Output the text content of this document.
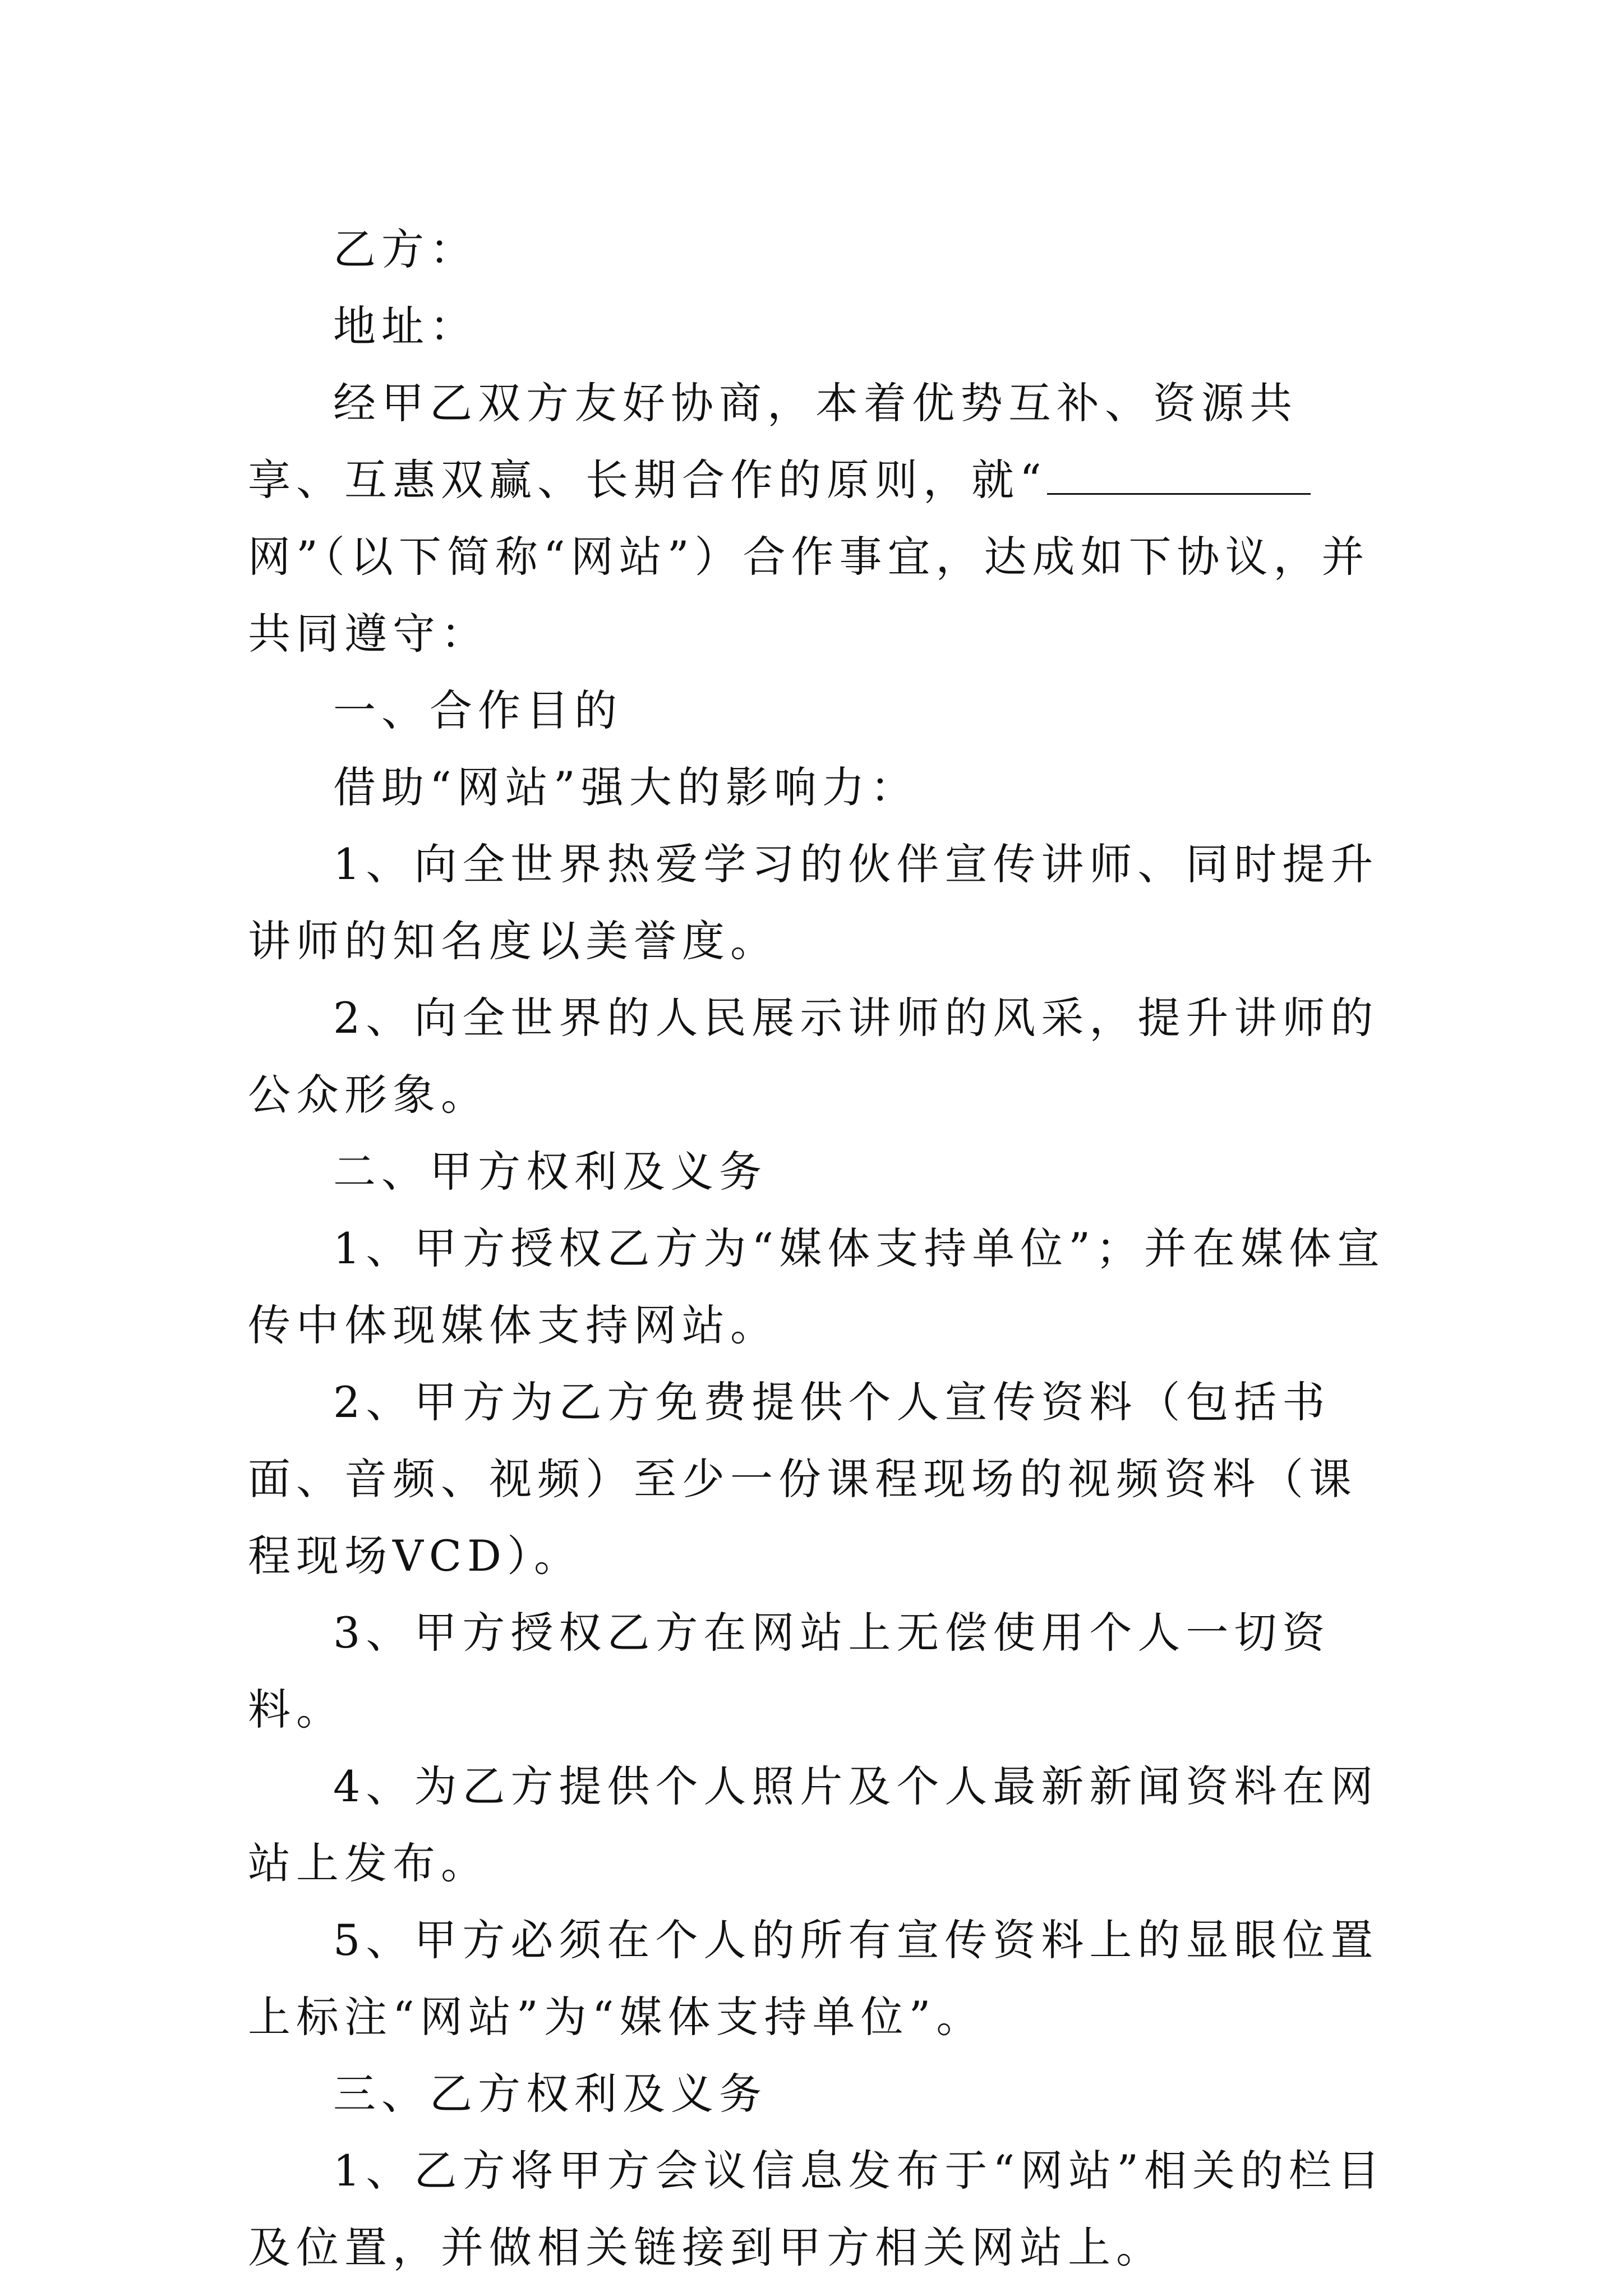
乙方：

地址：

经甲乙双方友好协商，本着优势互补、资源共享、互惠双赢、长期合作的原则，就“网”（以下简称“网站”）合作事宜，达成如下协议，并共同遵守：

一、合作目的

借助“网站”强大的影响力：

1、向全世界热爱学习的伙伴宣传讲师、同时提升讲师的知名度以美誉度。

2、向全世界的人民展示讲师的风采，提升讲师的公众形象。

二、甲方权利及义务

1、甲方授权乙方为“媒体支持单位”；并在媒体宣传中体现媒体支持网站。

2、甲方为乙方免费提供个人宣传资料（包括书面、音频、视频）至少一份课程现场的视频资料（课程现场VCD）。

3、甲方授权乙方在网站上无偿使用个人一切资料。

4、为乙方提供个人照片及个人最新新闻资料在网站上发布。

5、甲方必须在个人的所有宣传资料上的显眼位置上标注“网站”为“媒体支持单位”。

三、乙方权利及义务

1、乙方将甲方会议信息发布于“网站”相关的栏目及位置，并做相关链接到甲方相关网站上。
